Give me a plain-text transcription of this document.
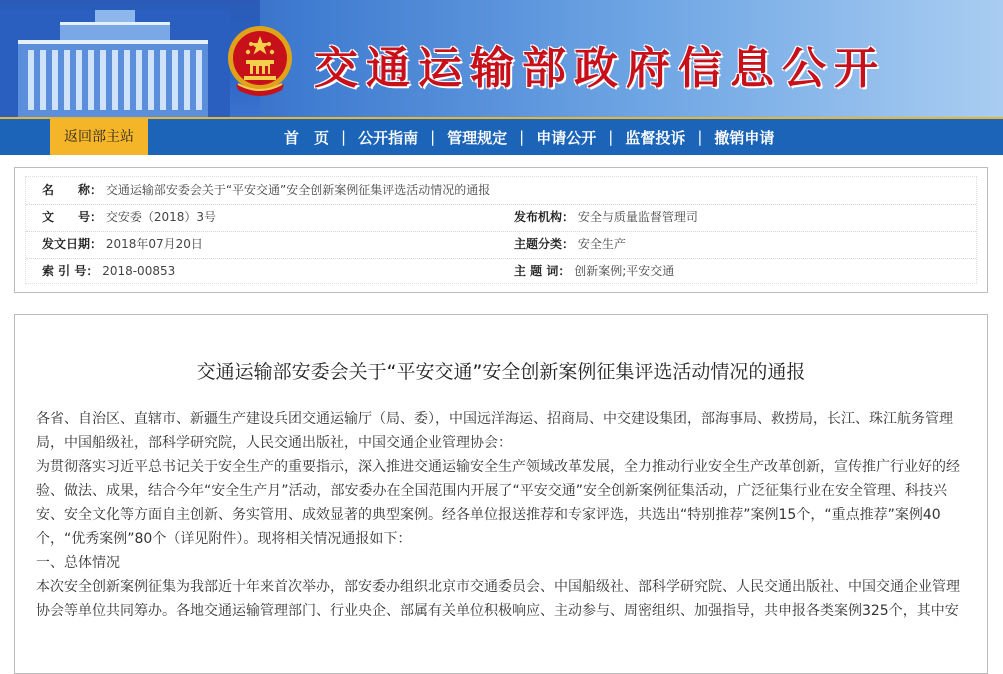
交通运输部政府信息公开
返回部主站	首　页 | 公开指南 | 管理规定 | 申请公开 | 监督投诉 | 撤销申请
名　　称： 交通运输部安委会关于“平安交通”安全创新案例征集评选活动情况的通报
文　　号： 交安委（2018）3号	发布机构： 安全与质量监督管理司
发文日期： 2018年07月20日	主题分类： 安全生产
索 引 号： 2018-00853	主 题 词： 创新案例;平安交通
交通运输部安委会关于“平安交通”安全创新案例征集评选活动情况的通报

各省、自治区、直辖市、新疆生产建设兵团交通运输厅（局、委），中国远洋海运、招商局、中交建设集团，部海事局、救捞局，长江、珠江航务管理局，中国船级社，部科学研究院，人民交通出版社，中国交通企业管理协会：

为贯彻落实习近平总书记关于安全生产的重要指示，深入推进交通运输安全生产领域改革发展，全力推动行业安全生产改革创新，宣传推广行业好的经验、做法、成果，结合今年“安全生产月”活动，部安委办在全国范围内开展了“平安交通”安全创新案例征集活动，广泛征集行业在安全管理、科技兴安、安全文化等方面自主创新、务实管用、成效显著的典型案例。经各单位报送推荐和专家评选，共选出“特别推荐”案例15个，“重点推荐”案例40个，“优秀案例”80个（详见附件）。现将相关情况通报如下：

一、总体情况

本次安全创新案例征集为我部近十年来首次举办，部安委办组织北京市交通委员会、中国船级社、部科学研究院、人民交通出版社、中国交通企业管理协会等单位共同筹办。各地交通运输管理部门、行业央企、部属有关单位积极响应、主动参与、周密组织、加强指导，共申报各类案例325个，其中安
